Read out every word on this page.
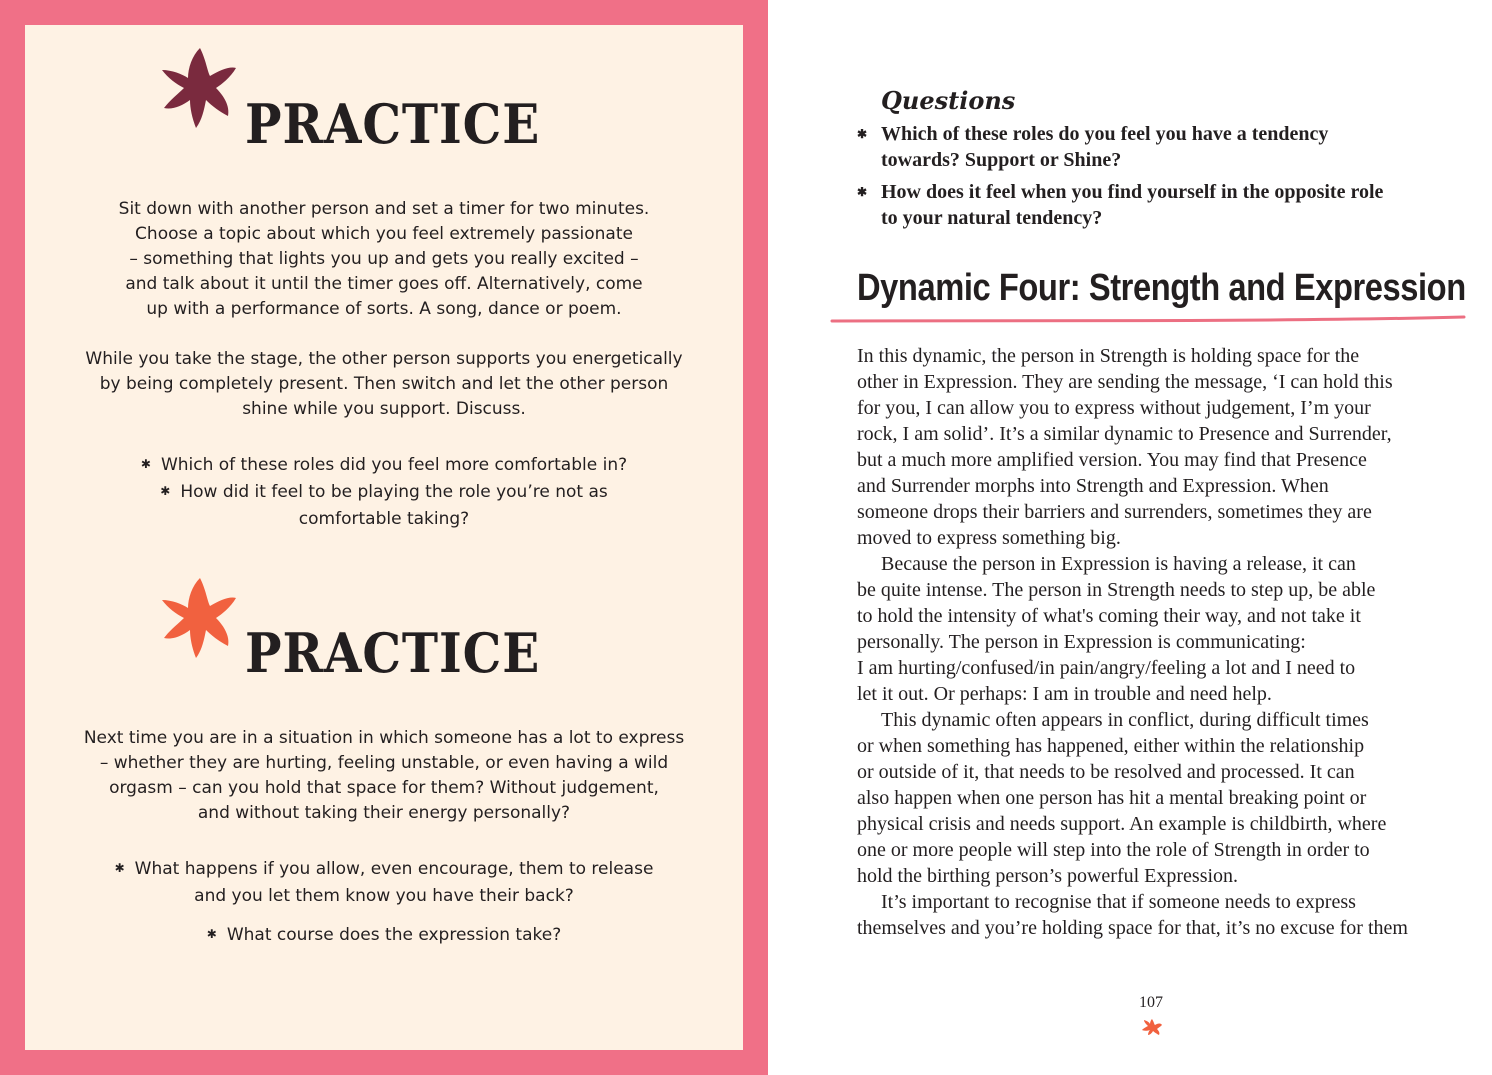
PRACTICE

Sit down with another person and set a timer for two minutes.
Choose a topic about which you feel extremely passionate
– something that lights you up and gets you really excited –
and talk about it until the timer goes off. Alternatively, come
up with a performance of sorts. A song, dance or poem.

While you take the stage, the other person supports you energetically
by being completely present. Then switch and let the other person
shine while you support. Discuss.

✱ Which of these roles did you feel more comfortable in?

✱ How did it feel to be playing the role you’re not as
comfortable taking?

PRACTICE

Next time you are in a situation in which someone has a lot to express
– whether they are hurting, feeling unstable, or even having a wild
orgasm – can you hold that space for them? Without judgement,
and without taking their energy personally?

✱ What happens if you allow, even encourage, them to release
and you let them know you have their back?

✱ What course does the expression take?

Questions
✱ Which of these roles do you feel you have a tendency
towards? Support or Shine?
✱ How does it feel when you find yourself in the opposite role
to your natural tendency?
Dynamic Four: Strength and Expression
In this dynamic, the person in Strength is holding space for the
other in Expression. They are sending the message, ‘I can hold this
for you, I can allow you to express without judgement, I’m your
rock, I am solid’. It’s a similar dynamic to Presence and Surrender,
but a much more amplified version. You may find that Presence
and Surrender morphs into Strength and Expression. When
someone drops their barriers and surrenders, sometimes they are
moved to express something big.
Because the person in Expression is having a release, it can
be quite intense. The person in Strength needs to step up, be able
to hold the intensity of what's coming their way, and not take it
personally. The person in Expression is communicating:
I am hurting/confused/in pain/angry/feeling a lot and I need to
let it out. Or perhaps: I am in trouble and need help.
This dynamic often appears in conflict, during difficult times
or when something has happened, either within the relationship
or outside of it, that needs to be resolved and processed. It can
also happen when one person has hit a mental breaking point or
physical crisis and needs support. An example is childbirth, where
one or more people will step into the role of Strength in order to
hold the birthing person’s powerful Expression.
It’s important to recognise that if someone needs to express
themselves and you’re holding space for that, it’s no excuse for them

107
